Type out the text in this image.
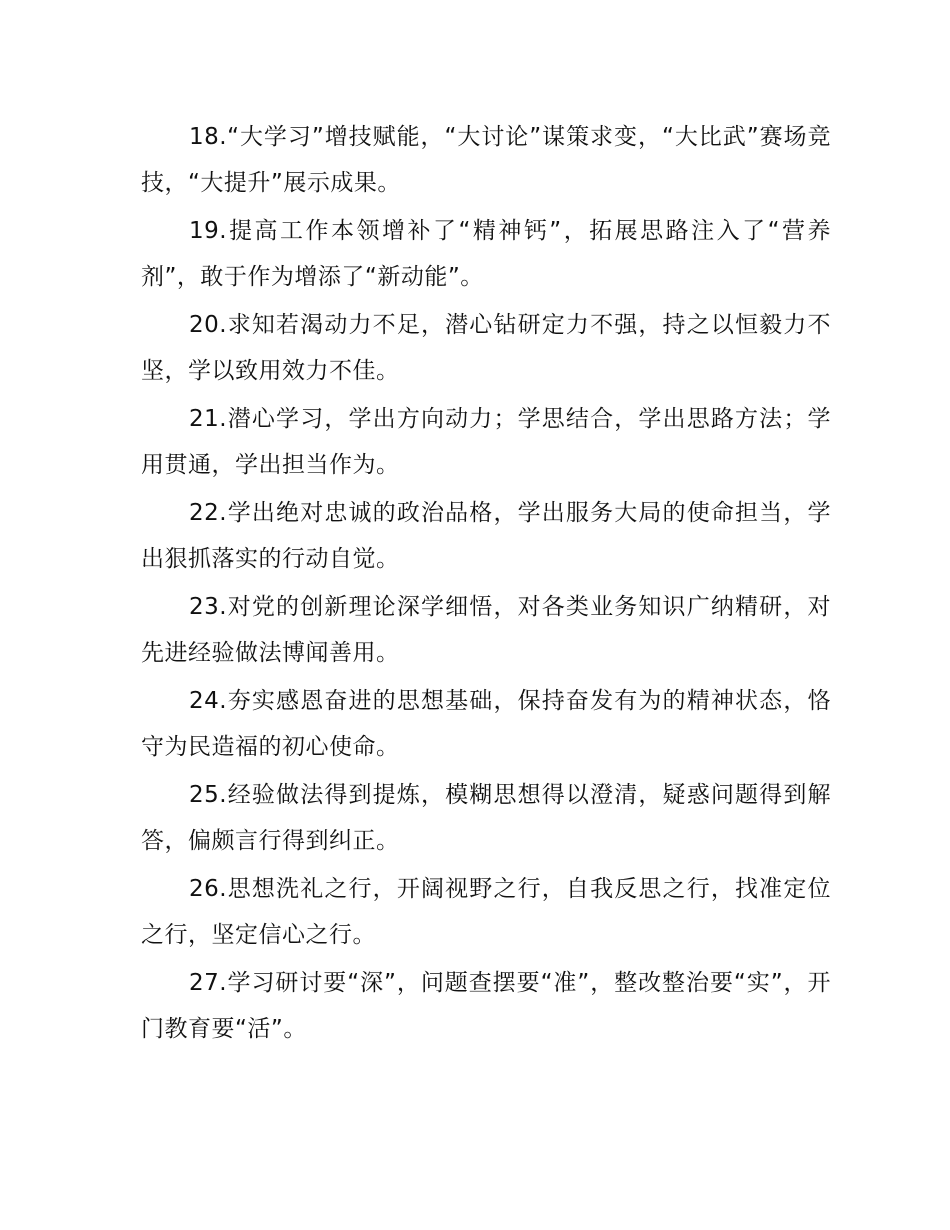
18.“大学习”增技赋能，“大讨论”谋策求变，“大比武”赛场竞技，“大提升”展示成果。

19.提高工作本领增补了“精神钙”，拓展思路注入了“营养剂”，敢于作为增添了“新动能”。

20.求知若渴动力不足，潜心钻研定力不强，持之以恒毅力不坚，学以致用效力不佳。

21.潜心学习，学出方向动力；学思结合，学出思路方法；学用贯通，学出担当作为。

22.学出绝对忠诚的政治品格，学出服务大局的使命担当，学出狠抓落实的行动自觉。

23.对党的创新理论深学细悟，对各类业务知识广纳精研，对先进经验做法博闻善用。

24.夯实感恩奋进的思想基础，保持奋发有为的精神状态，恪守为民造福的初心使命。

25.经验做法得到提炼，模糊思想得以澄清，疑惑问题得到解答，偏颇言行得到纠正。

26.思想洗礼之行，开阔视野之行，自我反思之行，找准定位之行，坚定信心之行。

27.学习研讨要“深”，问题查摆要“准”，整改整治要“实”，开门教育要“活”。
